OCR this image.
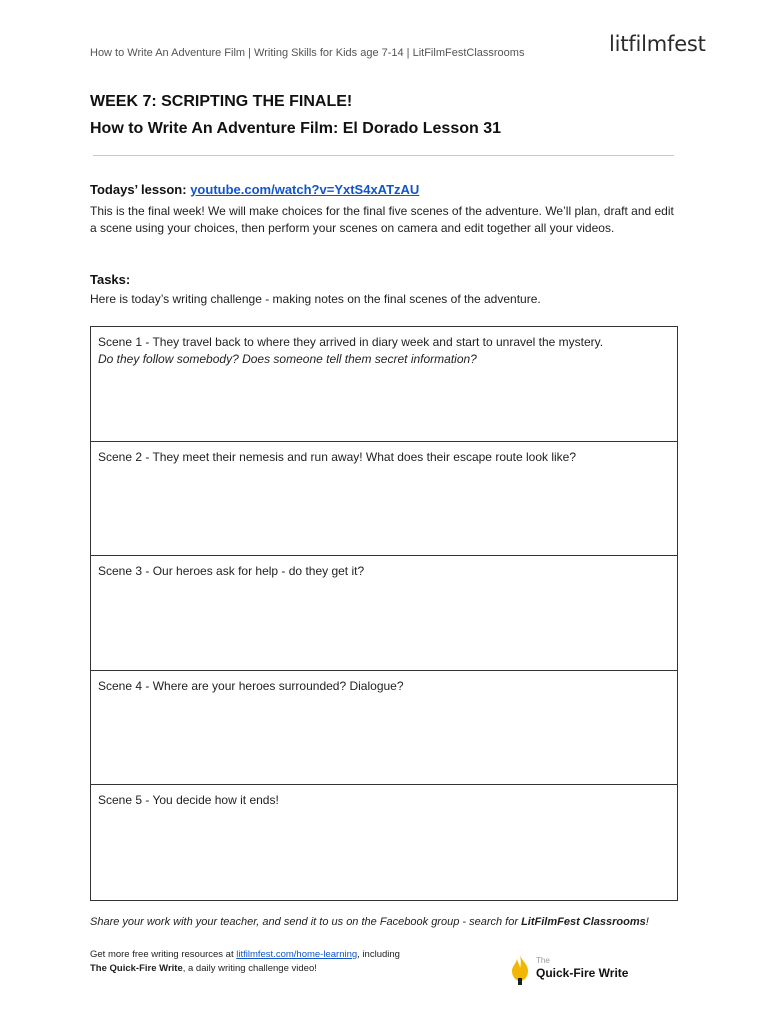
How to Write An Adventure Film | Writing Skills for Kids age 7-14 | LitFilmFestClassrooms	litfilmfest
WEEK 7: SCRIPTING THE FINALE!
How to Write An Adventure Film: El Dorado Lesson 31
Todays’ lesson: youtube.com/watch?v=YxtS4xATzAU
This is the final week! We will make choices for the final five scenes of the adventure. We’ll plan, draft and edit a scene using your choices, then perform your scenes on camera and edit together all your videos.
Tasks:
Here is today’s writing challenge - making notes on the final scenes of the adventure.
Scene 1 - They travel back to where they arrived in diary week and start to unravel the mystery.
Do they follow somebody? Does someone tell them secret information?
Scene 2 - They meet their nemesis and run away! What does their escape route look like?
Scene 3 - Our heroes ask for help - do they get it?
Scene 4 - Where are your heroes surrounded? Dialogue?
Scene 5 - You decide how it ends!
Share your work with your teacher, and send it to us on the Facebook group - search for LitFilmFest Classrooms!
Get more free writing resources at litfilmfest.com/home-learning, including
The Quick-Fire Write, a daily writing challenge video!
The
Quick-Fire Write
